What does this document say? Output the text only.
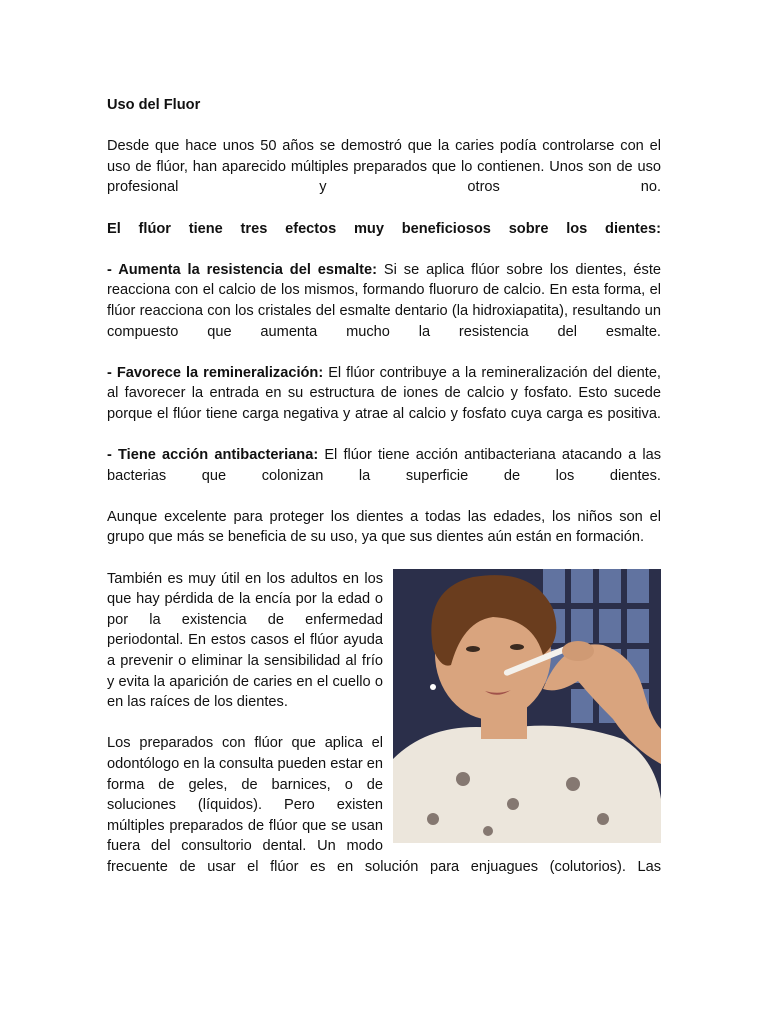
Uso del Fluor

Desde que hace unos 50 años se demostró que la caries podía controlarse con el uso de flúor, han aparecido múltiples preparados que lo contienen. Unos son de uso profesional y otros no.

El flúor tiene tres efectos muy beneficiosos sobre los dientes:

- Aumenta la resistencia del esmalte: Si se aplica flúor sobre los dientes, éste reacciona con el calcio de los mismos, formando fluoruro de calcio. En esta forma, el flúor reacciona con los cristales del esmalte dentario (la hidroxiapatita), resultando un compuesto que aumenta mucho la resistencia del esmalte.

- Favorece la remineralización: El flúor contribuye a la remineralización del diente, al favorecer la entrada en su estructura de iones de calcio y fosfato. Esto sucede porque el flúor tiene carga negativa y atrae al calcio y fosfato cuya carga es positiva.

- Tiene acción antibacteriana: El flúor tiene acción antibacteriana atacando a las bacterias que colonizan la superficie de los dientes.

Aunque excelente para proteger los dientes a todas las edades, los niños son el grupo que más se beneficia de su uso, ya que sus dientes aún están en formación.

También es muy útil en los adultos en los que hay pérdida de la encía por la edad o por la existencia de enfermedad periodontal. En estos casos el flúor ayuda a prevenir o eliminar la sensibilidad al frío y evita la aparición de caries en el cuello o en las raíces de los dientes.

Los preparados con flúor que aplica el odontólogo en la consulta pueden estar en forma de geles, de barnices, o de soluciones (líquidos). Pero existen múltiples preparados de flúor que se usan fuera del consultorio dental. Un modo frecuente de usar el flúor es en solución para enjuagues (colutorios). Las
